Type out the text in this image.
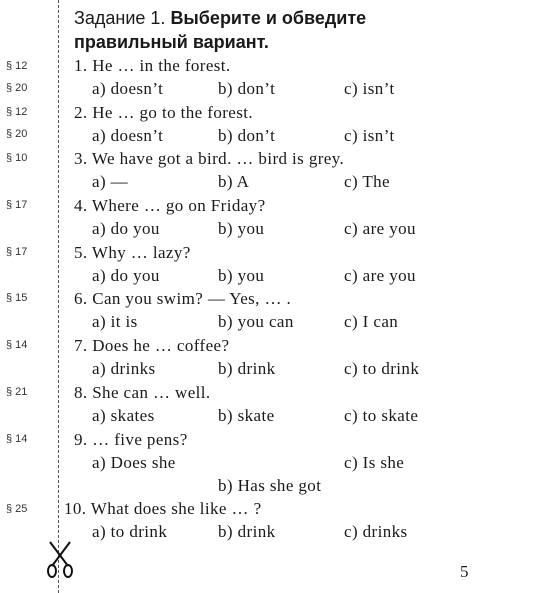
Задание 1. Выберите и обведите
правильный вариант.
§ 12
§ 20
1. He … in the forest.
a) doesn’t	b) don’t	c) isn’t
§ 12
§ 20
2. He … go to the forest.
a) doesn’t	b) don’t	c) isn’t
§ 10	3. We have got a bird. … bird is grey.
a) —	b) A	c) The
§ 17	4. Where … go on Friday?
a) do you	b) you	c) are you
§ 17	5. Why … lazy?
a) do you	b) you	c) are you
§ 15	6. Can you swim? — Yes, … .
a) it is	b) you can	c) I can
§ 14	7. Does he … coffee?
a) drinks	b) drink	c) to drink
§ 21	8. She can … well.
a) skates	b) skate	c) to skate
§ 14	9. … five pens?
a) Does she	c) Is she
b) Has she got
§ 25	10. What does she like … ?
a) to drink	b) drink	c) drinks
5
